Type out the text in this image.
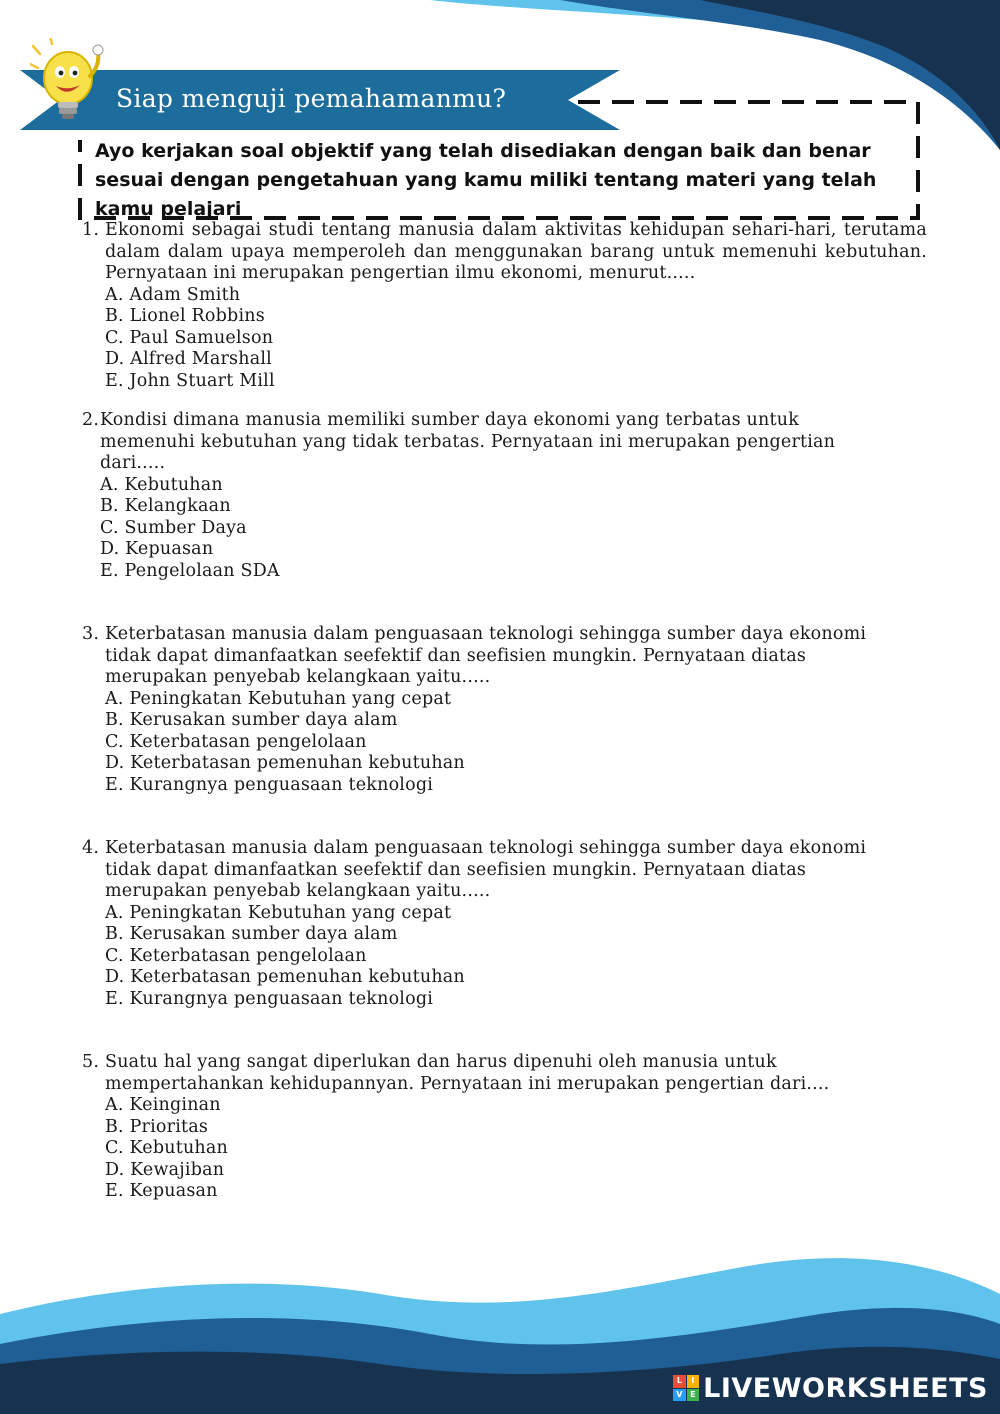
Siap menguji pemahamanmu?
Ayo kerjakan soal objektif yang telah disediakan dengan baik dan benar sesuai dengan pengetahuan yang kamu miliki tentang materi yang telah kamu pelajari
1. Ekonomi sebagai studi tentang manusia dalam aktivitas kehidupan sehari-hari, terutama dalam dalam upaya memperoleh dan menggunakan barang untuk memenuhi kebutuhan. Pernyataan ini merupakan pengertian ilmu ekonomi, menurut.....
A. Adam Smith
B. Lionel Robbins
C. Paul Samuelson
D. Alfred Marshall
E. John Stuart Mill
2.Kondisi dimana manusia memiliki sumber daya ekonomi yang terbatas untuk memenuhi kebutuhan yang tidak terbatas. Pernyataan ini merupakan pengertian dari.....
A. Kebutuhan
B. Kelangkaan
C. Sumber Daya
D. Kepuasan
E. Pengelolaan SDA
3. Keterbatasan manusia dalam penguasaan teknologi sehingga sumber daya ekonomi tidak dapat dimanfaatkan seefektif dan seefisien mungkin. Pernyataan diatas merupakan penyebab kelangkaan yaitu.....
A. Peningkatan Kebutuhan yang cepat
B. Kerusakan sumber daya alam
C. Keterbatasan pengelolaan
D. Keterbatasan pemenuhan kebutuhan
E. Kurangnya penguasaan teknologi
4. Keterbatasan manusia dalam penguasaan teknologi sehingga sumber daya ekonomi tidak dapat dimanfaatkan seefektif dan seefisien mungkin. Pernyataan diatas merupakan penyebab kelangkaan yaitu.....
A. Peningkatan Kebutuhan yang cepat
B. Kerusakan sumber daya alam
C. Keterbatasan pengelolaan
D. Keterbatasan pemenuhan kebutuhan
E. Kurangnya penguasaan teknologi
5. Suatu hal yang sangat diperlukan dan harus dipenuhi oleh manusia untuk mempertahankan kehidupannyan. Pernyataan ini merupakan pengertian dari....
A. Keinginan
B. Prioritas
C. Kebutuhan
D. Kewajiban
E. Kepuasan
L	I
V E LIVEWORKSHEETS
